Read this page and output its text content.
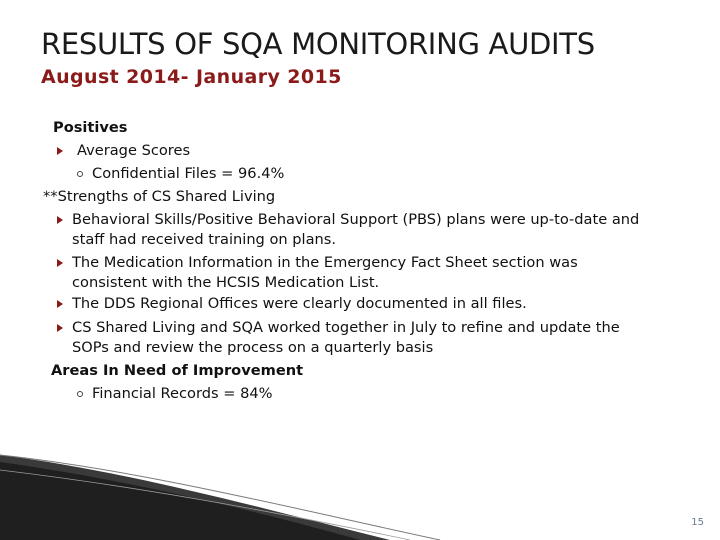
RESULTS OF SQA MONITORING AUDITS
August 2014- January 2015
Positives
Average Scores
Confidential Files = 96.4%
**Strengths of CS Shared Living
Behavioral Skills/Positive Behavioral Support (PBS) plans were up-to-date and
staff had received training on plans.
The Medication Information in the Emergency Fact Sheet section was
consistent with the HCSIS Medication List.
The DDS Regional Offices were clearly documented in all files.
CS Shared Living and SQA worked together in July to refine and update the
SOPs and review the process on a quarterly basis
Areas In Need of Improvement
Financial Records = 84%
15
